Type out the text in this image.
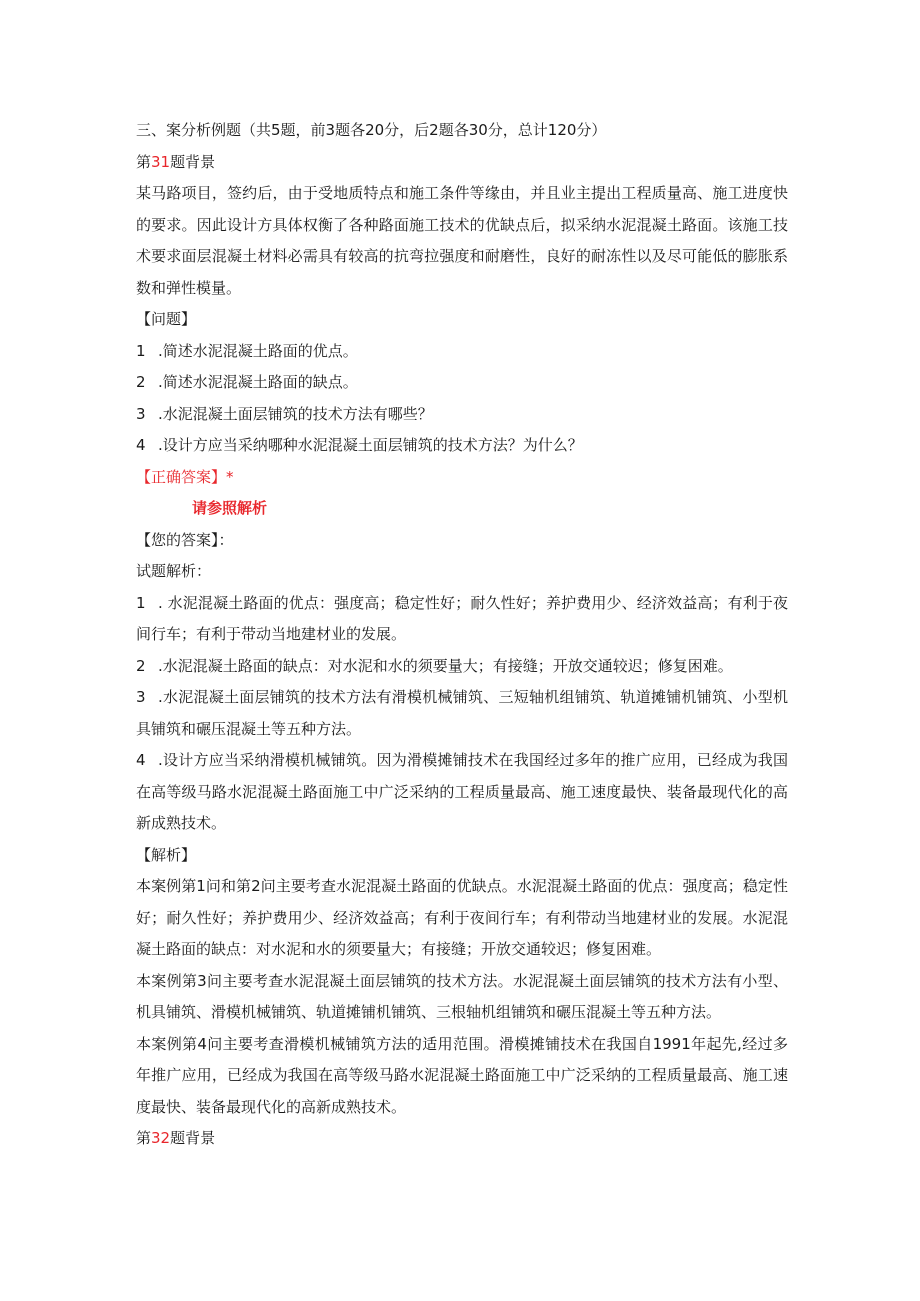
三、案分析例题（共5题，前3题各20分，后2题各30分，总计120分）
第31题背景
某马路项目，签约后，由于受地质特点和施工条件等缘由，并且业主提出工程质量高、施工进度快的要求。因此设计方具体权衡了各种路面施工技术的优缺点后，拟采纳水泥混凝土路面。该施工技术要求面层混凝土材料必需具有较高的抗弯拉强度和耐磨性，良好的耐冻性以及尽可能低的膨胀系数和弹性模量。
【问题】
1 .简述水泥混凝土路面的优点。
2 .简述水泥混凝土路面的缺点。
3 .水泥混凝土面层铺筑的技术方法有哪些？
4 .设计方应当采纳哪种水泥混凝土面层铺筑的技术方法？为什么？
【正确答案】*
请参照解析
【您的答案】：
试题解析：
1 . 水泥混凝土路面的优点：强度高；稳定性好；耐久性好；养护费用少、经济效益高；有利于夜间行车；有利于带动当地建材业的发展。
2 .水泥混凝土路面的缺点：对水泥和水的须要量大；有接缝；开放交通较迟；修复困难。
3 .水泥混凝土面层铺筑的技术方法有滑模机械铺筑、三短轴机组铺筑、轨道摊铺机铺筑、小型机具铺筑和碾压混凝土等五种方法。
4 .设计方应当采纳滑模机械铺筑。因为滑模摊铺技术在我国经过多年的推广应用，已经成为我国在高等级马路水泥混凝土路面施工中广泛采纳的工程质量最高、施工速度最快、装备最现代化的高新成熟技术。
【解析】
本案例第1问和第2问主要考查水泥混凝土路面的优缺点。水泥混凝土路面的优点：强度高；稳定性好；耐久性好；养护费用少、经济效益高；有利于夜间行车；有利带动当地建材业的发展。水泥混凝土路面的缺点：对水泥和水的须要量大；有接缝；开放交通较迟；修复困难。
本案例第3问主要考查水泥混凝土面层铺筑的技术方法。水泥混凝土面层铺筑的技术方法有小型、机具铺筑、滑模机械铺筑、轨道摊铺机铺筑、三根轴机组铺筑和碾压混凝土等五种方法。
本案例第4问主要考查滑模机械铺筑方法的适用范围。滑模摊铺技术在我国自1991年起先,经过多年推广应用，已经成为我国在高等级马路水泥混凝土路面施工中广泛采纳的工程质量最高、施工速度最快、装备最现代化的高新成熟技术。
第32题背景
